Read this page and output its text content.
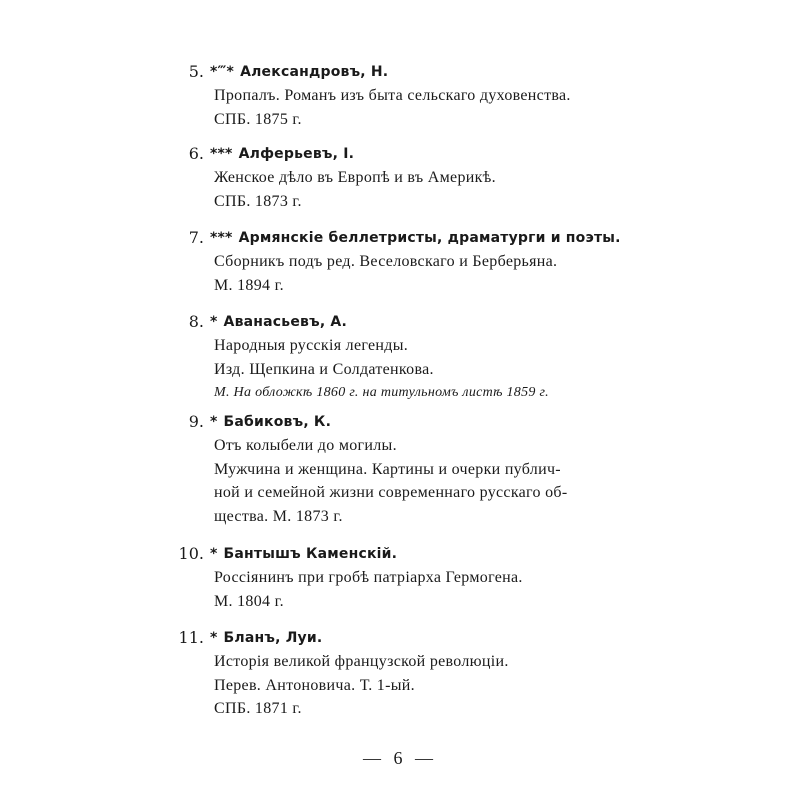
5. *‴* Александровъ, Н.
Пропалъ. Романъ изъ быта сельскаго духовенства.
СПБ. 1875 г.
6. *** Алферьевъ, І.
Женское дѣло въ Европѣ и въ Америкѣ.
СПБ. 1873 г.
7. *** Армянскіе беллетристы, драматурги и поэты.
Сборникъ подъ ред. Веселовскаго и Берберьяна.
М. 1894 г.
8. * Аванасьевъ, А.
Народныя русскія легенды.
Изд. Щепкина и Солдатенкова.
М. На обложкѣ 1860 г. на титульномъ листѣ 1859 г.
9. * Бабиковъ, К.
Отъ колыбели до могилы.
Мужчина и женщина. Картины и очерки публич-
ной и семейной жизни современнаго русскаго об-
щества. М. 1873 г.
10. * Бантышъ Каменскій.
Россіянинъ при гробѣ патріарха Гермогена.
М. 1804 г.
11. * Бланъ, Луи.
Исторія великой французской революціи.
Перев. Антоновича. Т. 1-ый.
СПБ. 1871 г.
— 6 —
